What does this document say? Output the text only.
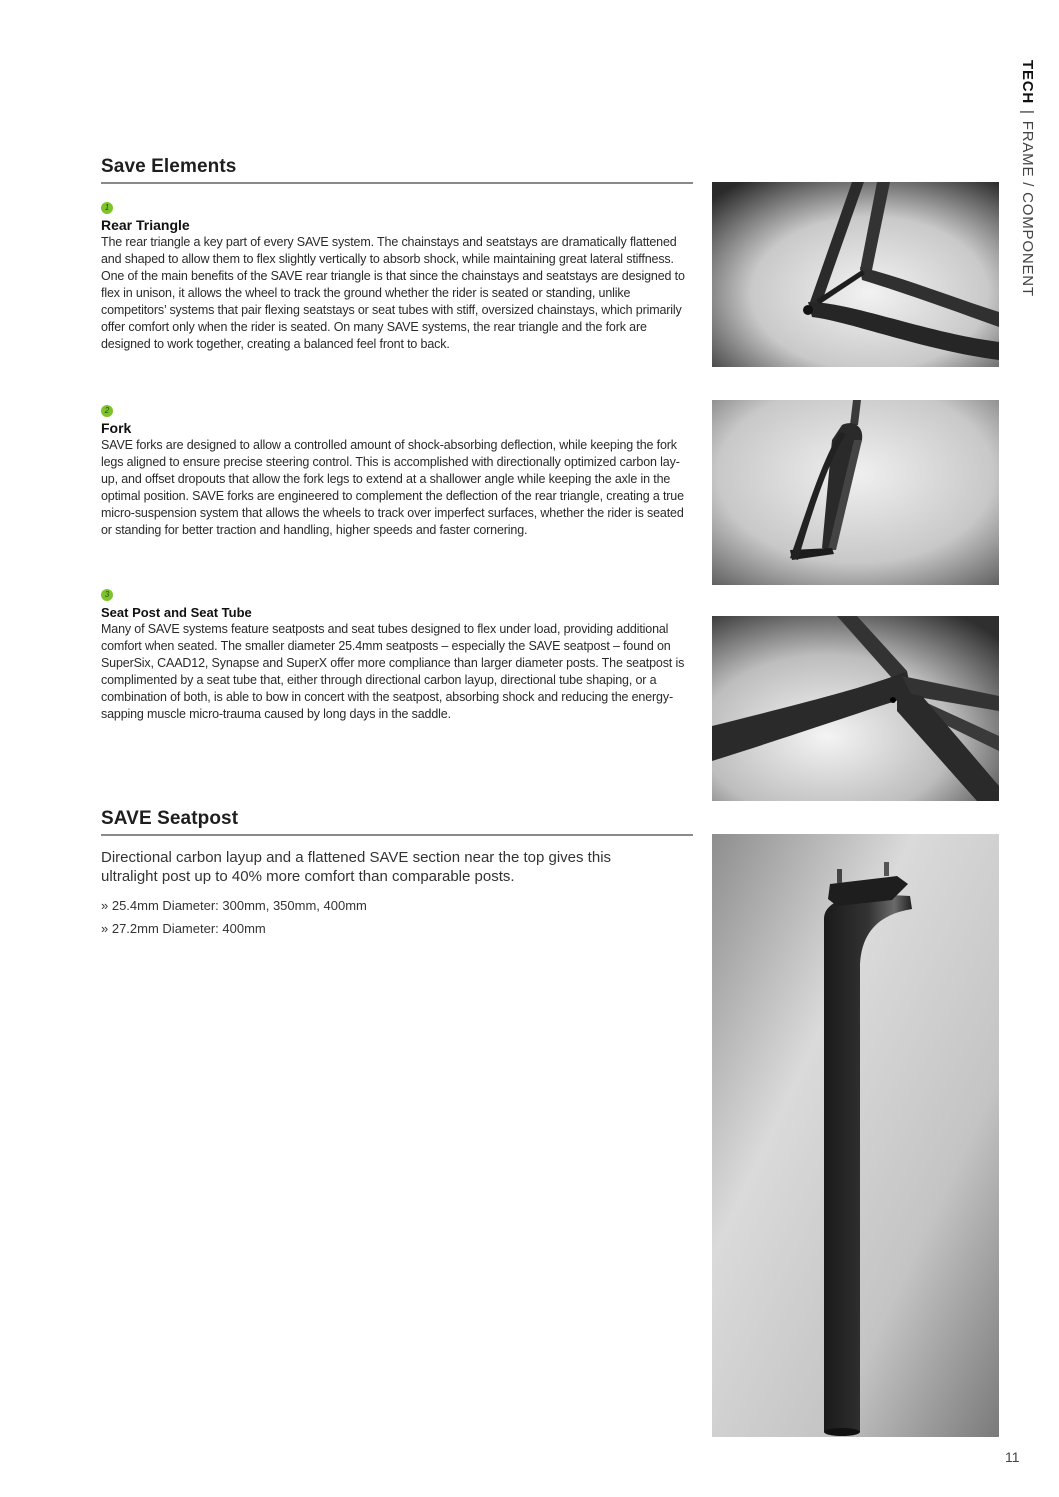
TECH|FRAME / COMPONENT
Save Elements
1
Rear Triangle

The rear triangle a key part of every SAVE system. The chainstays and seatstays are dramatically flattened and shaped to allow them to flex slightly vertically to absorb shock, while maintaining great lateral stiffness. One of the main benefits of the SAVE rear triangle is that since the chainstays and seatstays are designed to flex in unison, it allows the wheel to track the ground whether the rider is seated or standing, unlike competitors’ systems that pair flexing seatstays or seat tubes with stiff, oversized chainstays, which primarily offer comfort only when the rider is seated. On many SAVE systems, the rear triangle and the fork are designed to work together, creating a balanced feel front to back.

2
Fork

SAVE forks are designed to allow a controlled amount of shock-absorbing deflection, while keeping the fork legs aligned to ensure precise steering control. This is accomplished with directionally optimized carbon lay-up, and offset dropouts that allow the fork legs to extend at a shallower angle while keeping the axle in the optimal position. SAVE forks are engineered to complement the deflection of the rear triangle, creating a true micro-suspension system that allows the wheels to track over imperfect surfaces, whether the rider is seated or standing for better traction and handling, higher speeds and faster cornering.

3
Seat Post and Seat Tube

Many of SAVE systems feature seatposts and seat tubes designed to flex under load, providing additional comfort when seated. The smaller diameter 25.4mm seatposts – especially the SAVE seatpost – found on SuperSix, CAAD12, Synapse and SuperX offer more compliance than larger diameter posts. The seatpost is complimented by a seat tube that, either through directional carbon layup, directional tube shaping, or a combination of both, is able to bow in concert with the seatpost, absorbing shock and reducing the energy-sapping muscle micro-trauma caused by long days in the saddle.

SAVE Seatpost

Directional carbon layup and a flattened SAVE section near the top gives this ultralight post up to 40% more comfort than comparable posts.

» 25.4mm Diameter: 300mm, 350mm, 400mm

» 27.2mm Diameter: 400mm

11
